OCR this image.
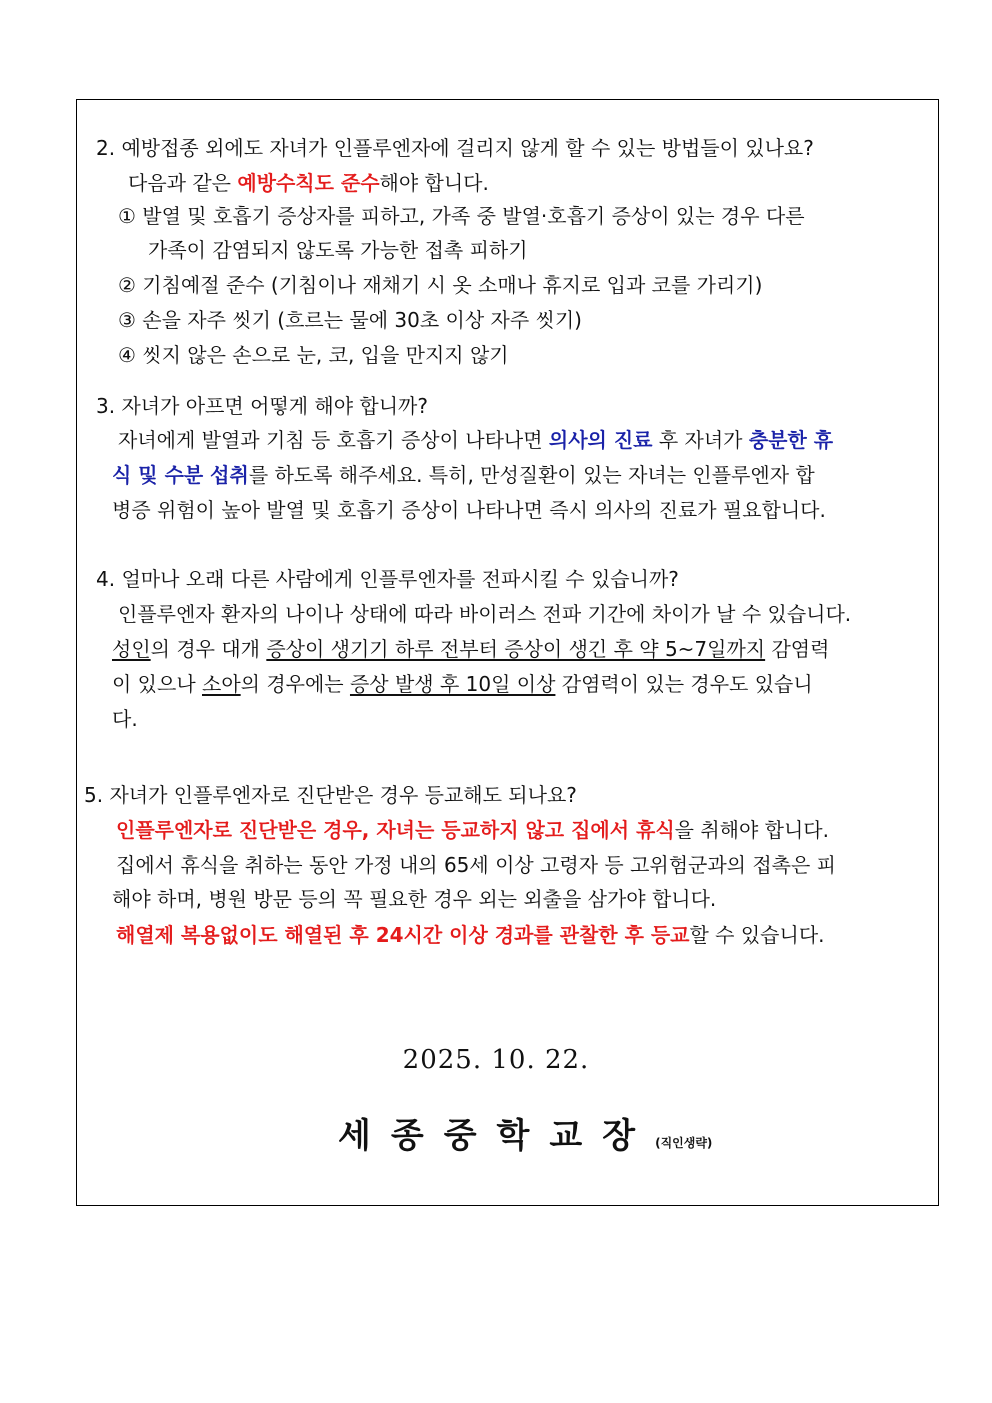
2. 예방접종 외에도 자녀가 인플루엔자에 걸리지 않게 할 수 있는 방법들이 있나요?
다음과 같은 예방수칙도 준수해야 합니다.
① 발열 및 호흡기 증상자를 피하고, 가족 중 발열·호흡기 증상이 있는 경우 다른
가족이 감염되지 않도록 가능한 접촉 피하기
② 기침예절 준수 (기침이나 재채기 시 옷 소매나 휴지로 입과 코를 가리기)
③ 손을 자주 씻기 (흐르는 물에 30초 이상 자주 씻기)
④ 씻지 않은 손으로 눈, 코, 입을 만지지 않기
3. 자녀가 아프면 어떻게 해야 합니까?
자녀에게 발열과 기침 등 호흡기 증상이 나타나면 의사의 진료 후 자녀가 충분한 휴
식 및 수분 섭취를 하도록 해주세요. 특히, 만성질환이 있는 자녀는 인플루엔자 합
병증 위험이 높아 발열 및 호흡기 증상이 나타나면 즉시 의사의 진료가 필요합니다.
4. 얼마나 오래 다른 사람에게 인플루엔자를 전파시킬 수 있습니까?
인플루엔자 환자의 나이나 상태에 따라 바이러스 전파 기간에 차이가 날 수 있습니다.
성인의 경우 대개 증상이 생기기 하루 전부터 증상이 생긴 후 약 5~7일까지 감염력
이 있으나 소아의 경우에는 증상 발생 후 10일 이상 감염력이 있는 경우도 있습니
다.
5. 자녀가 인플루엔자로 진단받은 경우 등교해도 되나요?
인플루엔자로 진단받은 경우, 자녀는 등교하지 않고 집에서 휴식을 취해야 합니다.
집에서 휴식을 취하는 동안 가정 내의 65세 이상 고령자 등 고위험군과의 접촉은 피
해야 하며, 병원 방문 등의 꼭 필요한 경우 외는 외출을 삼가야 합니다.
해열제 복용없이도 해열된 후 24시간 이상 경과를 관찰한 후 등교할 수 있습니다.
2025. 10. 22.
세종중학교장(직인생략)
